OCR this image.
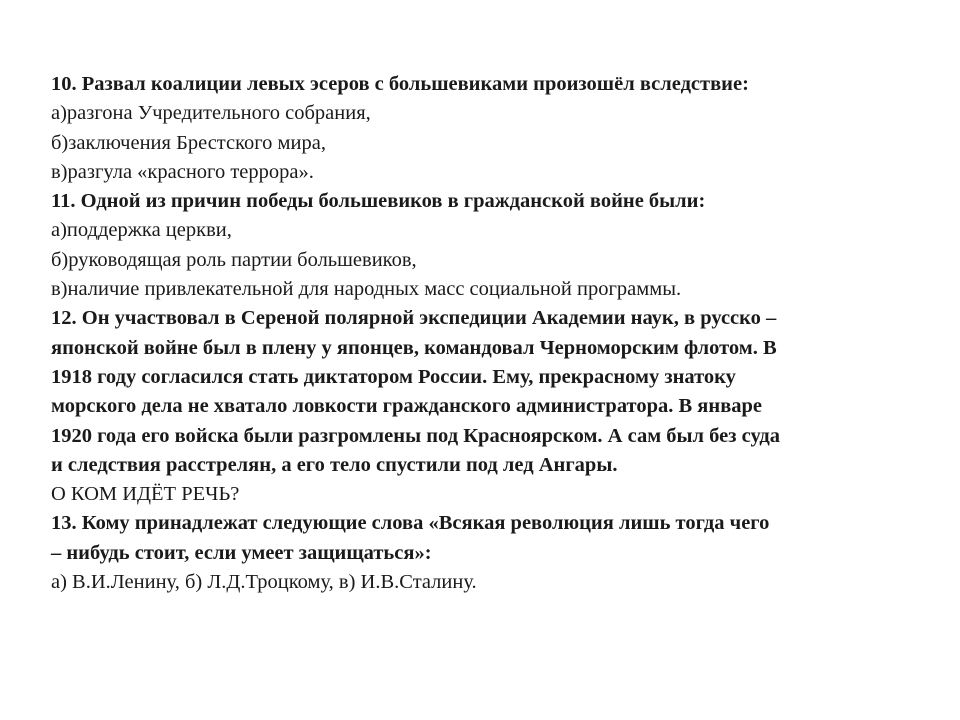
10. Развал коалиции левых эсеров с большевиками произошёл вследствие:

а)разгона Учредительного собрания,

б)заключения Брестского мира,

в)разгула «красного террора».

11. Одной из причин победы большевиков в гражданской войне были:

а)поддержка церкви,

б)руководящая роль партии большевиков,

в)наличие привлекательной для народных масс социальной программы.

12. Он участвовал в Сереной полярной экспедиции Академии наук, в русско –

японской войне был в плену у японцев, командовал Черноморским флотом. В

1918 году согласился стать диктатором России. Ему, прекрасному знатоку

морского дела не хватало ловкости гражданского администратора. В январе

1920 года его войска были разгромлены под Красноярском. А сам был без суда

и следствия расстрелян, а его тело спустили под лед Ангары.

О КОМ ИДЁТ РЕЧЬ?

13. Кому принадлежат следующие слова «Всякая революция лишь тогда чего

– нибудь стоит, если умеет защищаться»:

а) В.И.Ленину, б) Л.Д.Троцкому, в) И.В.Сталину.
